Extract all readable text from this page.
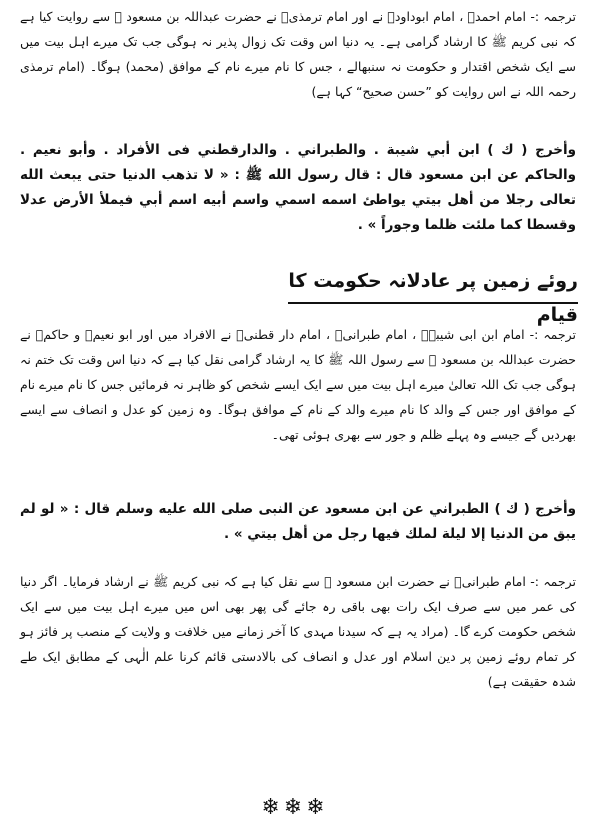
ترجمہ :- امام احمدؒ ، امام ابوداودؒ نے اور امام ترمذیؒ نے حضرت عبداللہ بن مسعود ﷜ سے روایت کیا ہے کہ نبی کریم ﷺ کا ارشاد گرامی ہے۔ یہ دنیا اس وقت تک زوال پذیر نہ ہوگی جب تک میرے اہل بیت میں سے ایک شخص اقتدار و حکومت نہ سنبھالے ، جس کا نام میرے نام کے موافق (محمد) ہوگا۔ (امام ترمذی رحمہ اللہ نے اس روایت کو ”حسن صحیح“ کہا ہے)
وأخرج ( ك ) ابن أبي شيبة . والطبراني . والدارقطني فى الأفراد . وأبو نعيم . والحاكم عن ابن مسعود قال : قال رسول الله ﷺ : « لا تذهب الدنيا حتى يبعث الله تعالى رجلا من أهل بيتي يواطئ اسمه اسمي واسم أبيه اسم أبي فيملأ الأرض عدلا وقسطا كما ملئت ظلما وجوراً » .
روئے زمین پر عادلانہ حکومت کا قیام
ترجمہ :- امام ابن ابی شیبہؒ ، امام طبرانیؒ ، امام دار قطنیؒ نے الافراد میں اور ابو نعیمؒ و حاکمؒ نے حضرت عبداللہ بن مسعود ﷜ سے رسول اللہ ﷺ کا یہ ارشاد گرامی نقل کیا ہے کہ دنیا اس وقت تک ختم نہ ہوگی جب تک اللہ تعالیٰ میرے اہل بیت میں سے ایک ایسے شخص کو ظاہر نہ فرمائیں جس کا نام میرے نام کے موافق اور جس کے والد کا نام میرے والد کے نام کے موافق ہوگا۔ وہ زمین کو عدل و انصاف سے ایسے بھردیں گے جیسے وہ پہلے ظلم و جور سے بھری ہوئی تھی۔
وأخرج ( ك ) الطبراني عن ابن مسعود عن النبى صلى الله عليه وسلم قال : « لو لم يبق من الدنيا إلا ليلة لملك فيها رجل من أهل بيتي » .
ترجمہ :- امام طبرانیؒ نے حضرت ابن مسعود ﷜ سے نقل کیا ہے کہ نبی کریم ﷺ نے ارشاد فرمایا۔ اگر دنیا کی عمر میں سے صرف ایک رات بھی باقی رہ جائے گی پھر بھی اس میں میرے اہل بیت میں سے ایک شخص حکومت کرے گا۔ (مراد یہ ہے کہ سیدنا مہدی کا آخر زمانے میں خلافت و ولایت کے منصب پر فائز ہو کر تمام روئے زمین پر دین اسلام اور عدل و انصاف کی بالادستی قائم کرنا علم الٰہی کے مطابق ایک طے شدہ حقیقت ہے)
❄❄❄
